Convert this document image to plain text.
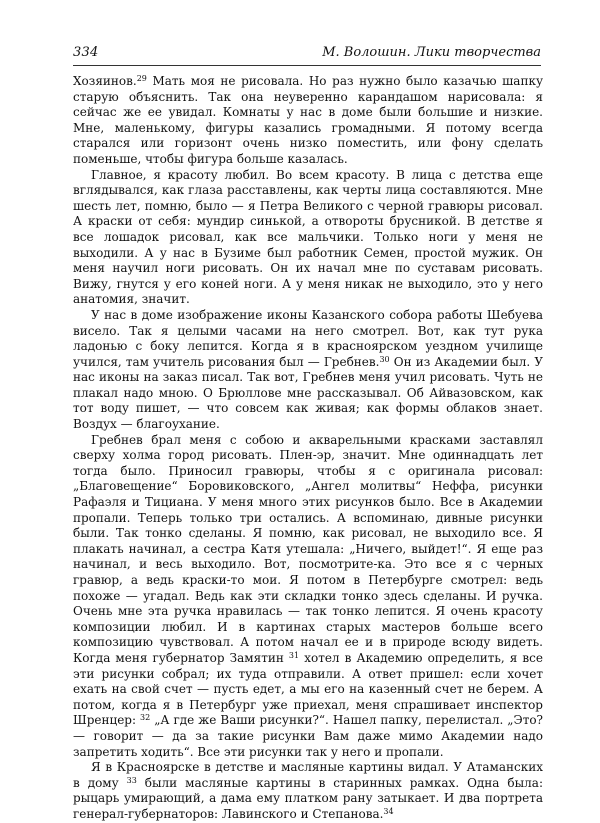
334	М. Волошин. Лики творчества

Хозяинов.$^{29}$ Мать моя не рисовала. Но раз нужно было казачью шапку старую объяснить. Так она неуверенно карандашом нарисовала: я сейчас же ее увидал. Комнаты у нас в доме были большие и низкие. Мне, маленькому, фигуры казались громадными. Я потому всегда старался или горизонт очень низко поместить, или фону сделать поменьше, чтобы фигура больше казалась.

Главное, я красоту любил. Во всем красоту. В лица с детства еще вглядывался, как глаза расставлены, как черты лица составляются. Мне шесть лет, помню, было — я Петра Великого с черной гравюры рисовал. А краски от себя: мундир синькой, а отвороты брусникой. В детстве я все лошадок рисовал, как все мальчики. Только ноги у меня не выходили. А у нас в Бузиме был работник Семен, простой мужик. Он меня научил ноги рисовать. Он их начал мне по суставам рисовать. Вижу, гнутся у его коней ноги. А у меня никак не выходило, это у него анатомия, значит.

У нас в доме изображение иконы Казанского собора работы Шебуева висело. Так я целыми часами на него смотрел. Вот, как тут рука ладонью с боку лепится. Когда я в красноярском уездном училище учился, там учитель рисования был — Гребнев.$^{30}$ Он из Академии был. У нас иконы на заказ писал. Так вот, Гребнев меня учил рисовать. Чуть не плакал надо мною. О Брюллове мне рассказывал. Об Айвазовском, как тот воду пишет, — что совсем как живая; как формы облаков знает. Воздух — благоухание.

Гребнев брал меня с собою и акварельными красками заставлял сверху холма город рисовать. Плен-эр, значит. Мне одиннадцать лет тогда было. Приносил гравюры, чтобы я с оригинала рисовал: „Благовещение“ Боровиковского, „Ангел молитвы“ Неффа, рисунки Рафаэля и Тициана. У меня много этих рисунков было. Все в Академии пропали. Теперь только три остались. А вспоминаю, дивные рисунки были. Так тонко сделаны. Я помню, как рисовал, не выходило все. Я плакать начинал, а сестра Катя утешала: „Ничего, выйдет!“. Я еще раз начинал, и весь выходило. Вот, посмотрите-ка. Это все я с черных гравюр, а ведь краски-то мои. Я потом в Петербурге смотрел: ведь похоже — угадал. Ведь как эти складки тонко здесь сделаны. И ручка. Очень мне эта ручка нравилась — так тонко лепится. Я очень красоту композиции любил. И в картинах старых мастеров больше всего композицию чувствовал. А потом начал ее и в природе всюду видеть. Когда меня губернатор Замятин $^{31}$ хотел в Академию определить, я все эти рисунки собрал; их туда отправили. А ответ пришел: если хочет ехать на свой счет — пусть едет, а мы его на казенный счет не берем. А потом, когда я в Петербург уже приехал, меня спрашивает инспектор Шренцер: $^{32}$ „А где же Ваши рисунки?“. Нашел папку, перелистал. „Это? — говорит — да за такие рисунки Вам даже мимо Академии надо запретить ходить“. Все эти рисунки так у него и пропали.

Я в Красноярске в детстве и масляные картины видал. У Атаманских в дому $^{33}$ были масляные картины в старинных рамках. Одна была: рыцарь умирающий, а дама ему платком рану затыкает. И два портрета генерал-губернаторов: Лавинского и Степанова.$^{34}$
